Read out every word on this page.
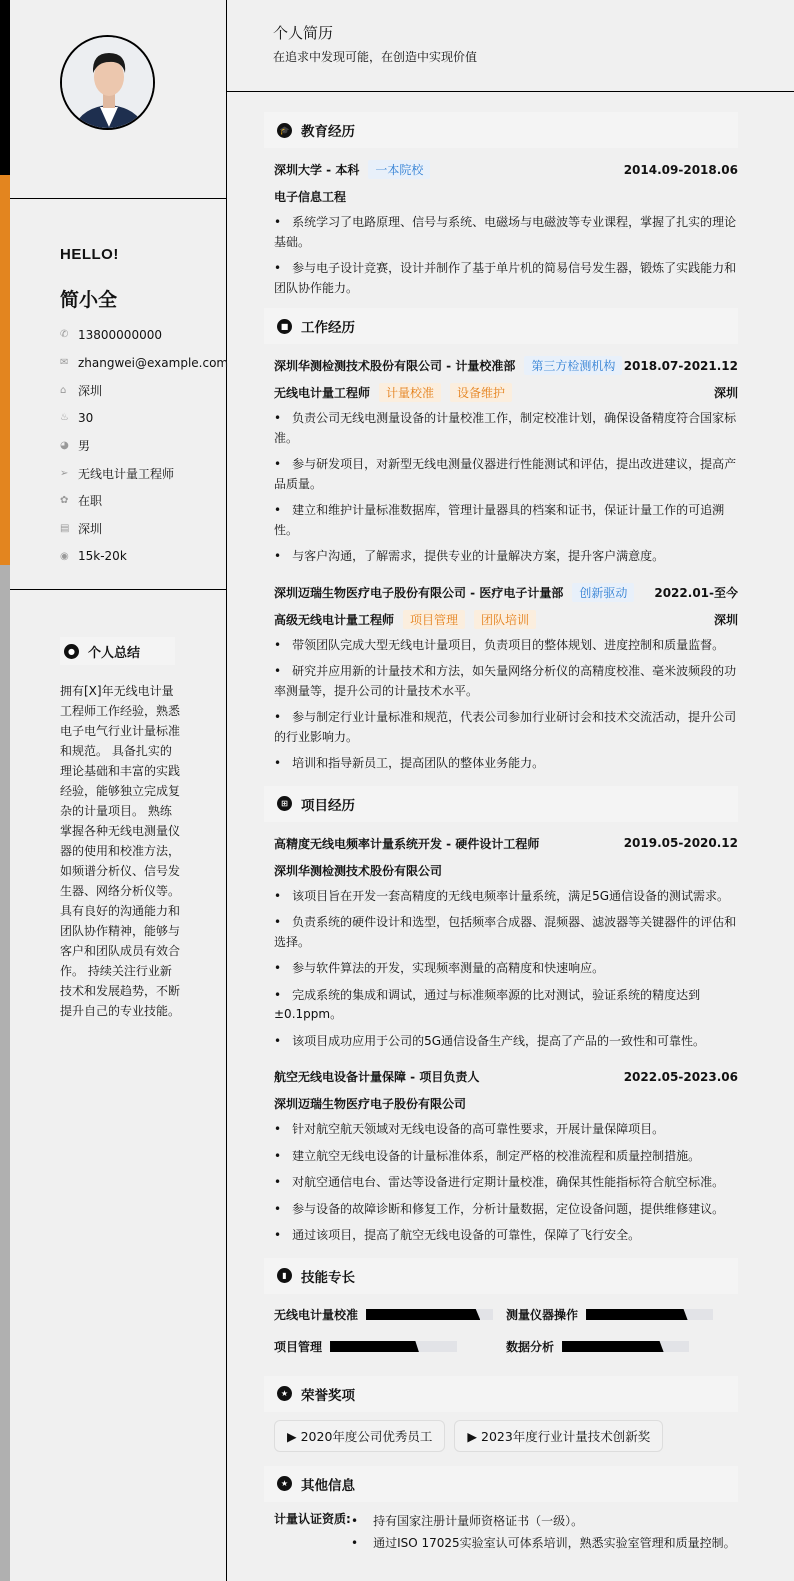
HELLO!
简小全
✆ 13800000000
✉ zhangwei@example.com
⌂ 深圳
♨ 30
◕ 男
➢ 无线电计量工程师
✿ 在职
▤ 深圳
◉ 15k-20k
●	个人总结

拥有[X]年无线电计量工程师工作经验，熟悉电子电气行业计量标准和规范。 具备扎实的理论基础和丰富的实践经验，能够独立完成复杂的计量项目。 熟练掌握各种无线电测量仪器的使用和校准方法，如频谱分析仪、信号发生器、网络分析仪等。 具有良好的沟通能力和团队协作精神，能够与客户和团队成员有效合作。 持续关注行业新技术和发展趋势，不断提升自己的专业技能。

个人简历

在追求中发现可能，在创造中实现价值

🎓 教育经历
深圳大学 - 本科	一本院校	2014.09-2018.06
电子信息工程
• 系统学习了电路原理、信号与系统、电磁场与电磁波等专业课程，掌握了扎实的理论基础。
• 参与电子设计竞赛，设计并制作了基于单片机的简易信号发生器，锻炼了实践能力和团队协作能力。
■ 工作经历
深圳华测检测技术股份有限公司 - 计量校准部	第三方检测机构 2018.07-2021.12
无线电计量工程师	计量校准	设备维护	深圳
• 负责公司无线电测量设备的计量校准工作，制定校准计划，确保设备精度符合国家标准。
• 参与研发项目，对新型无线电测量仪器进行性能测试和评估，提出改进建议，提高产品质量。
• 建立和维护计量标准数据库，管理计量器具的档案和证书，保证计量工作的可追溯性。
• 与客户沟通，了解需求，提供专业的计量解决方案，提升客户满意度。
深圳迈瑞生物医疗电子股份有限公司 - 医疗电子计量部	创新驱动	2022.01-至今
高级无线电计量工程师	项目管理	团队培训	深圳
• 带领团队完成大型无线电计量项目，负责项目的整体规划、进度控制和质量监督。
• 研究并应用新的计量技术和方法，如矢量网络分析仪的高精度校准、毫米波频段的功率测量等，提升公司的计量技术水平。
• 参与制定行业计量标准和规范，代表公司参加行业研讨会和技术交流活动，提升公司的行业影响力。
• 培训和指导新员工，提高团队的整体业务能力。
⊞ 项目经历
高精度无线电频率计量系统开发 - 硬件设计工程师	2019.05-2020.12
深圳华测检测技术股份有限公司
• 该项目旨在开发一套高精度的无线电频率计量系统，满足5G通信设备的测试需求。
• 负责系统的硬件设计和选型，包括频率合成器、混频器、滤波器等关键器件的评估和选择。
• 参与软件算法的开发，实现频率测量的高精度和快速响应。
• 完成系统的集成和调试，通过与标准频率源的比对测试，验证系统的精度达到±0.1ppm。
• 该项目成功应用于公司的5G通信设备生产线，提高了产品的一致性和可靠性。
航空无线电设备计量保障 - 项目负责人	2022.05-2023.06
深圳迈瑞生物医疗电子股份有限公司
• 针对航空航天领域对无线电设备的高可靠性要求，开展计量保障项目。
• 建立航空无线电设备的计量标准体系，制定严格的校准流程和质量控制措施。
• 对航空通信电台、雷达等设备进行定期计量校准，确保其性能指标符合航空标准。
• 参与设备的故障诊断和修复工作，分析计量数据，定位设备问题，提供维修建议。
• 通过该项目，提高了航空无线电设备的可靠性，保障了飞行安全。
▮	技能专长
无线电计量校准	测量仪器操作
项目管理	数据分析
★ 荣誉奖项
▶ 2020年度公司优秀员工	▶ 2023年度行业计量技术创新奖
★ 其他信息
计量认证资质:	• 持有国家注册计量师资格证书（一级）。
• 通过ISO 17025实验室认可体系培训，熟悉实验室管理和质量控制。
